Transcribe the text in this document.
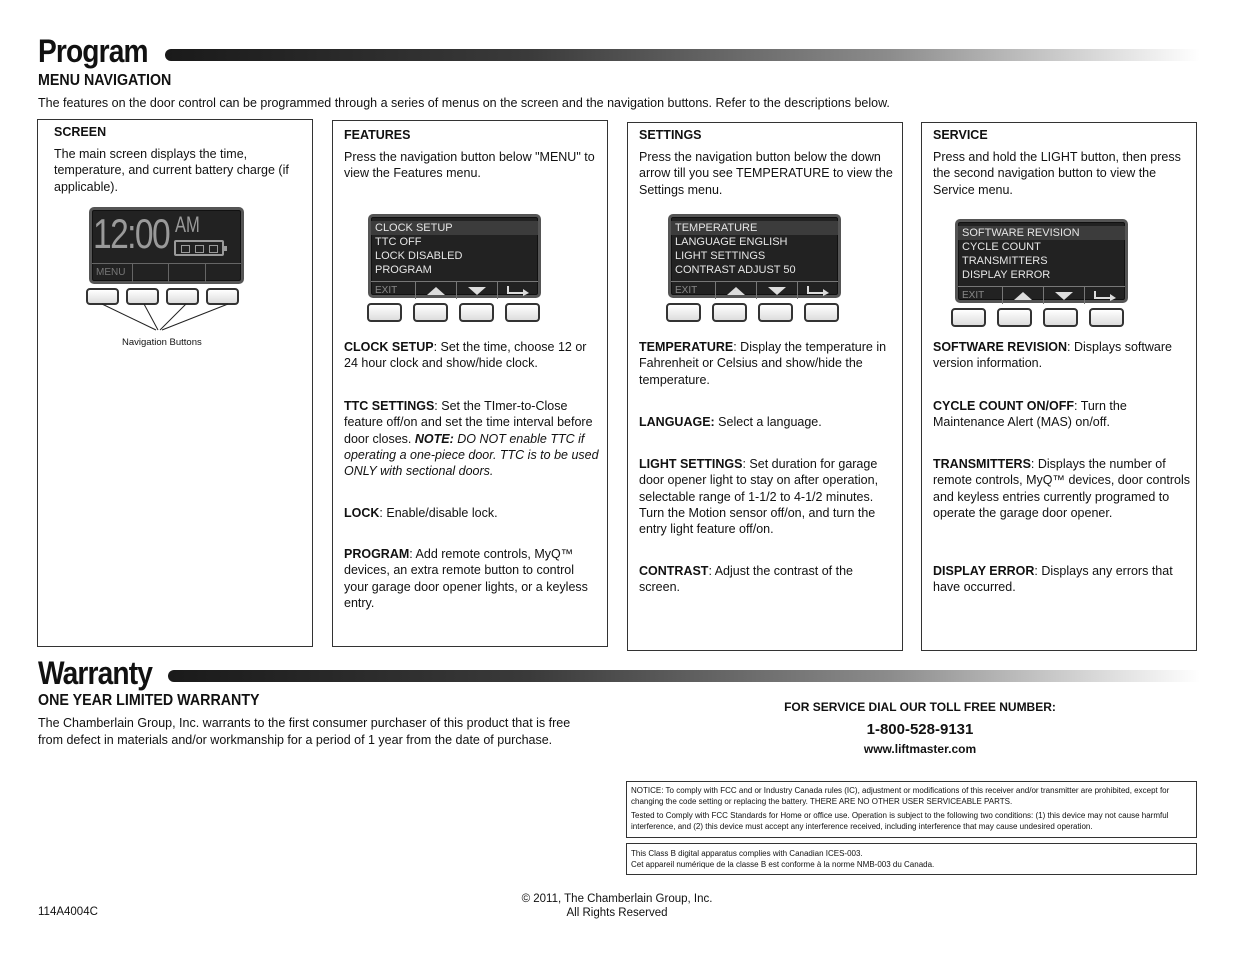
Program
MENU NAVIGATION
The features on the door control can be programmed through a series of menus on the screen and the navigation buttons. Refer to the descriptions below.
SCREEN
The main screen displays the time, temperature, and current battery charge (if applicable).
12:00 AM
MENU
Navigation Buttons
FEATURES
Press the navigation button below "MENU" to view the Features menu.
CLOCK SETUP
TTC OFF
LOCK DISABLED
PROGRAM
EXIT
CLOCK SETUP: Set the time, choose 12 or 24 hour clock and show/hide clock.
TTC SETTINGS: Set the TImer-to-Close feature off/on and set the time interval before door closes. NOTE: DO NOT enable TTC if operating a one-piece door. TTC is to be used ONLY with sectional doors.
LOCK: Enable/disable lock.
PROGRAM: Add remote controls, MyQ™ devices, an extra remote button to control your garage door opener lights, or a keyless entry.
SETTINGS
Press the navigation button below the down arrow till you see TEMPERATURE to view the Settings menu.
TEMPERATURE
LANGUAGE ENGLISH
LIGHT SETTINGS
CONTRAST ADJUST 50
EXIT
TEMPERATURE: Display the temperature in Fahrenheit or Celsius and show/hide the temperature.
LANGUAGE: Select a language.
LIGHT SETTINGS: Set duration for garage door opener light to stay on after operation, selectable range of 1-1/2 to 4-1/2 minutes. Turn the Motion sensor off/on, and turn the entry light feature off/on.
CONTRAST: Adjust the contrast of the screen.
SERVICE
Press and hold the LIGHT button, then press the second navigation button to view the Service menu.
SOFTWARE REVISION
CYCLE COUNT
TRANSMITTERS
DISPLAY ERROR
EXIT
SOFTWARE REVISION: Displays software version information.
CYCLE COUNT ON/OFF: Turn the Maintenance Alert (MAS) on/off.
TRANSMITTERS: Displays the number of remote controls, MyQ™ devices, door controls and keyless entries currently programed to operate the garage door opener.
DISPLAY ERROR: Displays any errors that have occurred.
Warranty
ONE YEAR LIMITED WARRANTY
The Chamberlain Group, Inc. warrants to the first consumer purchaser of this product that is free from defect in materials and/or workmanship for a period of 1 year from the date of purchase.
FOR SERVICE DIAL OUR TOLL FREE NUMBER:
1-800-528-9131
www.liftmaster.com
NOTICE: To comply with FCC and or Industry Canada rules (IC), adjustment or modifications of this receiver and/or transmitter are prohibited, except for changing the code setting or replacing the battery. THERE ARE NO OTHER USER SERVICEABLE PARTS.
Tested to Comply with FCC Standards for Home or office use. Operation is subject to the following two conditions: (1) this device may not cause harmful interference, and (2) this device must accept any interference received, including interference that may cause undesired operation.
This Class B digital apparatus complies with Canadian ICES-003.
Cet appareil numérique de la classe B est conforme à la norme NMB-003 du Canada.
© 2011, The Chamberlain Group, Inc.
All Rights Reserved
114A4004C
